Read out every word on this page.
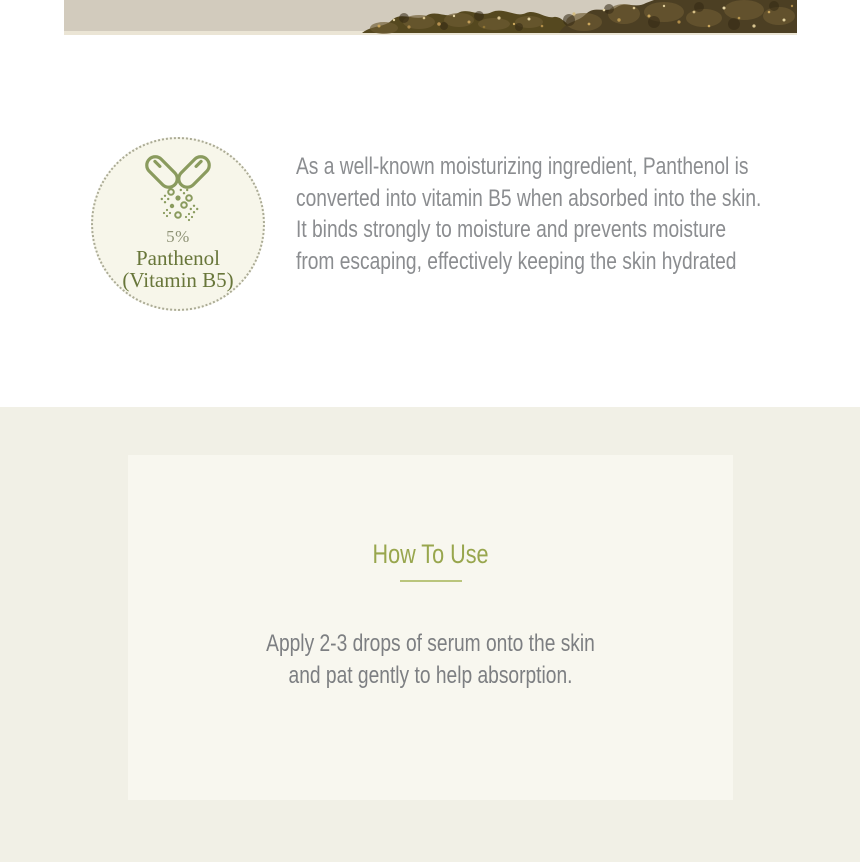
5%
Panthenol
(Vitamin B5)
As a well-known moisturizing ingredient, Panthenol is
converted into vitamin B5 when absorbed into the skin.
It binds strongly to moisture and prevents moisture
from escaping, effectively keeping the skin hydrated
How To Use

Apply 2-3 drops of serum onto the skin
and pat gently to help absorption.
